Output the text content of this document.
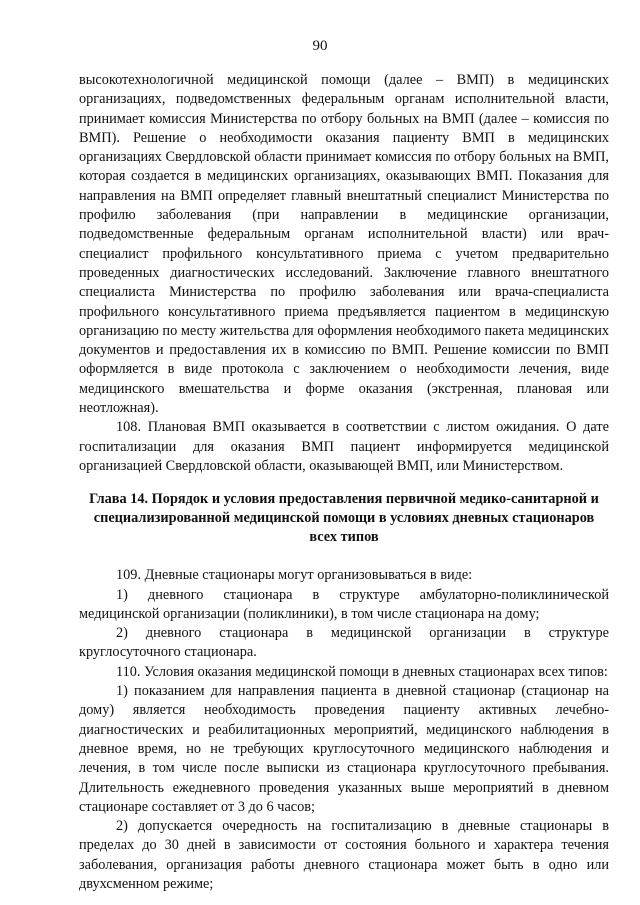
90

высокотехнологичной медицинской помощи (далее – ВМП) в медицинских организациях, подведомственных федеральным органам исполнительной власти, принимает комиссия Министерства по отбору больных на ВМП (далее – комиссия по ВМП). Решение о необходимости оказания пациенту ВМП в медицинских организациях Свердловской области принимает комиссия по отбору больных на ВМП, которая создается в медицинских организациях, оказывающих ВМП. Показания для направления на ВМП определяет главный внештатный специалист Министерства по профилю заболевания (при направлении в медицинские организации, подведомственные федеральным органам исполнительной власти) или врач-специалист профильного консультативного приема с учетом предварительно проведенных диагностических исследований. Заключение главного внештатного специалиста Министерства по профилю заболевания или врача-специалиста профильного консультативного приема предъявляется пациентом в медицинскую организацию по месту жительства для оформления необходимого пакета медицинских документов и предоставления их в комиссию по ВМП. Решение комиссии по ВМП оформляется в виде протокола с заключением о необходимости лечения, виде медицинского вмешательства и форме оказания (экстренная, плановая или неотложная).

108. Плановая ВМП оказывается в соответствии с листом ожидания. О дате госпитализации для оказания ВМП пациент информируется медицинской организацией Свердловской области, оказывающей ВМП, или Министерством.

Глава 14. Порядок и условия предоставления первичной медико-санитарной и специализированной медицинской помощи в условиях дневных стационаров всех типов

109. Дневные стационары могут организовываться в виде:

1) дневного стационара в структуре амбулаторно-поликлинической медицинской организации (поликлиники), в том числе стационара на дому;

2) дневного стационара в медицинской организации в структуре круглосуточного стационара.

110. Условия оказания медицинской помощи в дневных стационарах всех типов:

1) показанием для направления пациента в дневной стационар (стационар на дому) является необходимость проведения пациенту активных лечебно-диагностических и реабилитационных мероприятий, медицинского наблюдения в дневное время, но не требующих круглосуточного медицинского наблюдения и лечения, в том числе после выписки из стационара круглосуточного пребывания. Длительность ежедневного проведения указанных выше мероприятий в дневном стационаре составляет от 3 до 6 часов;

2) допускается очередность на госпитализацию в дневные стационары в пределах до 30 дней в зависимости от состояния больного и характера течения заболевания, организация работы дневного стационара может быть в одно или двухсменном режиме;
